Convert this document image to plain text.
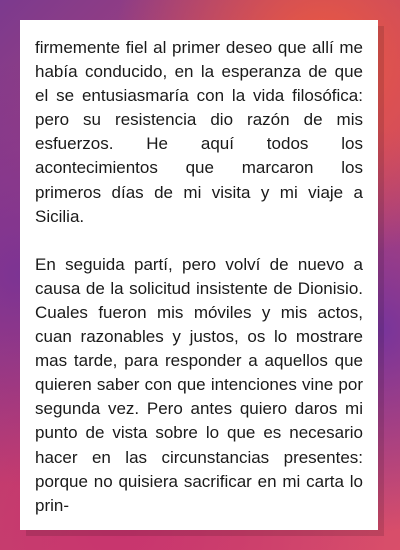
firmemente fiel al primer deseo que allí me había conducido, en la esperanza de que el se entusiasmaría con la vida filosófica: pero su resistencia dio razón de mis esfuerzos. He aquí todos los acontecimientos que marcaron los primeros días de mi visita y mi viaje a Sicilia.

En seguida partí, pero volví de nuevo a causa de la solicitud insistente de Dionisio. Cuales fueron mis móviles y mis actos, cuan razonables y justos, os lo mostrare mas tarde, para responder a aquellos que quieren saber con que intenciones vine por segunda vez. Pero antes quiero daros mi punto de vista sobre lo que es necesario hacer en las circunstancias presentes: porque no quisiera sacrificar en mi carta lo prin-
